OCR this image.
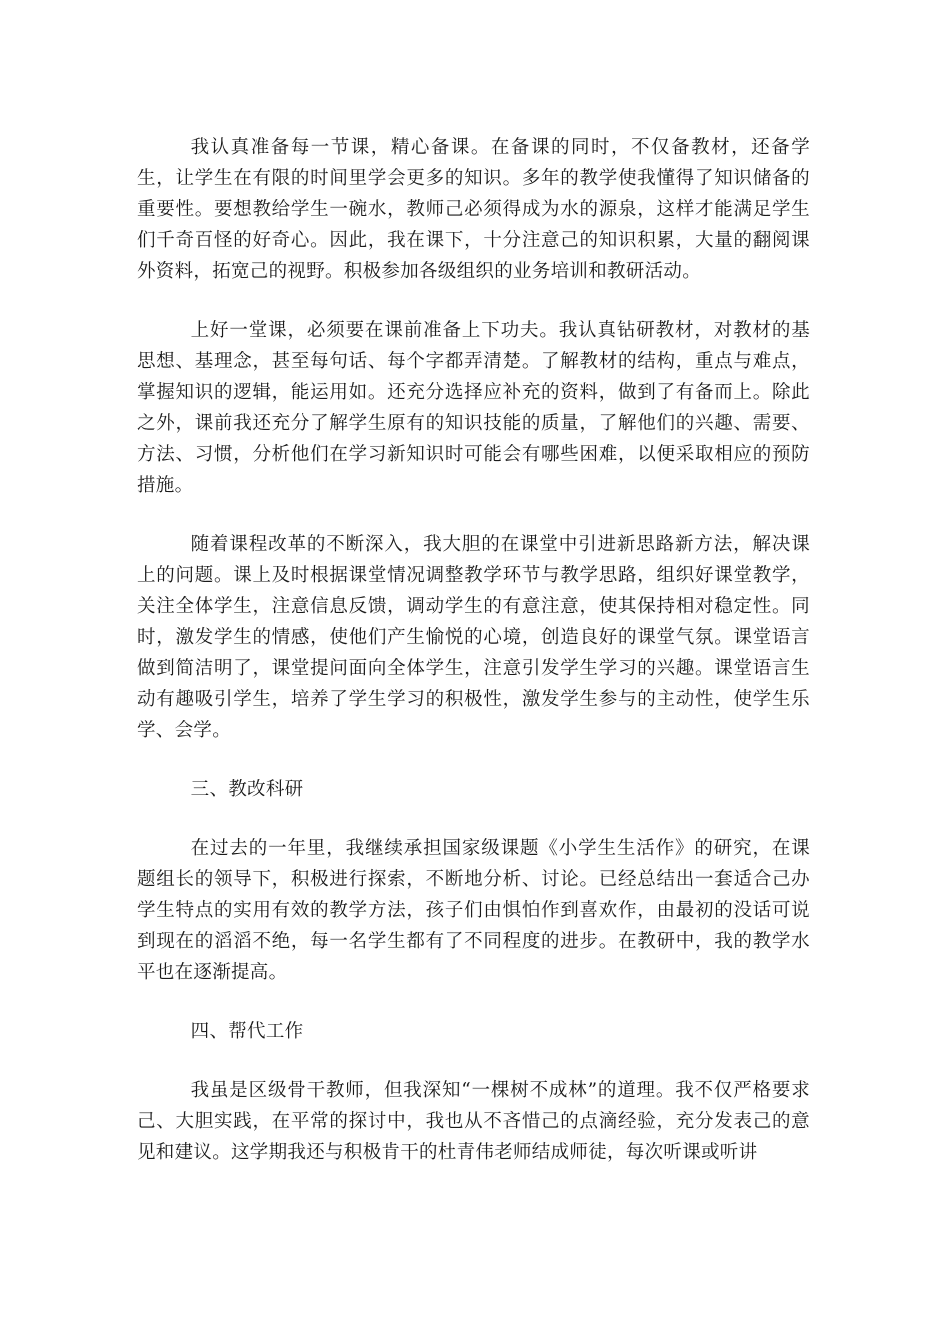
我认真准备每一节课，精心备课。在备课的同时，不仅备教材，还备学生，让学生在有限的时间里学会更多的知识。多年的教学使我懂得了知识储备的重要性。要想教给学生一碗水，教师己必须得成为水的源泉，这样才能满足学生们千奇百怪的好奇心。因此，我在课下，十分注意己的知识积累，大量的翻阅课外资料，拓宽己的视野。积极参加各级组织的业务培训和教研活动。

上好一堂课，必须要在课前准备上下功夫。我认真钻研教材，对教材的基思想、基理念，甚至每句话、每个字都弄清楚。了解教材的结构，重点与难点，掌握知识的逻辑，能运用如。还充分选择应补充的资料，做到了有备而上。除此之外，课前我还充分了解学生原有的知识技能的质量，了解他们的兴趣、需要、方法、习惯，分析他们在学习新知识时可能会有哪些困难，以便采取相应的预防措施。

随着课程改革的不断深入，我大胆的在课堂中引进新思路新方法，解决课上的问题。课上及时根据课堂情况调整教学环节与教学思路，组织好课堂教学，关注全体学生，注意信息反馈，调动学生的有意注意，使其保持相对稳定性。同时，激发学生的情感，使他们产生愉悦的心境，创造良好的课堂气氛。课堂语言做到简洁明了，课堂提问面向全体学生，注意引发学生学习的兴趣。课堂语言生动有趣吸引学生，培养了学生学习的积极性，激发学生参与的主动性，使学生乐学、会学。

三、教改科研

在过去的一年里，我继续承担国家级课题《小学生生活作》的研究，在课题组长的领导下，积极进行探索，不断地分析、讨论。已经总结出一套适合己办学生特点的实用有效的教学方法，孩子们由惧怕作到喜欢作，由最初的没话可说到现在的滔滔不绝，每一名学生都有了不同程度的进步。在教研中，我的教学水平也在逐渐提高。

四、帮代工作

我虽是区级骨干教师，但我深知“一棵树不成林”的道理。我不仅严格要求己、大胆实践，在平常的探讨中，我也从不吝惜己的点滴经验，充分发表己的意见和建议。这学期我还与积极肯干的杜青伟老师结成师徒，每次听课或听讲
